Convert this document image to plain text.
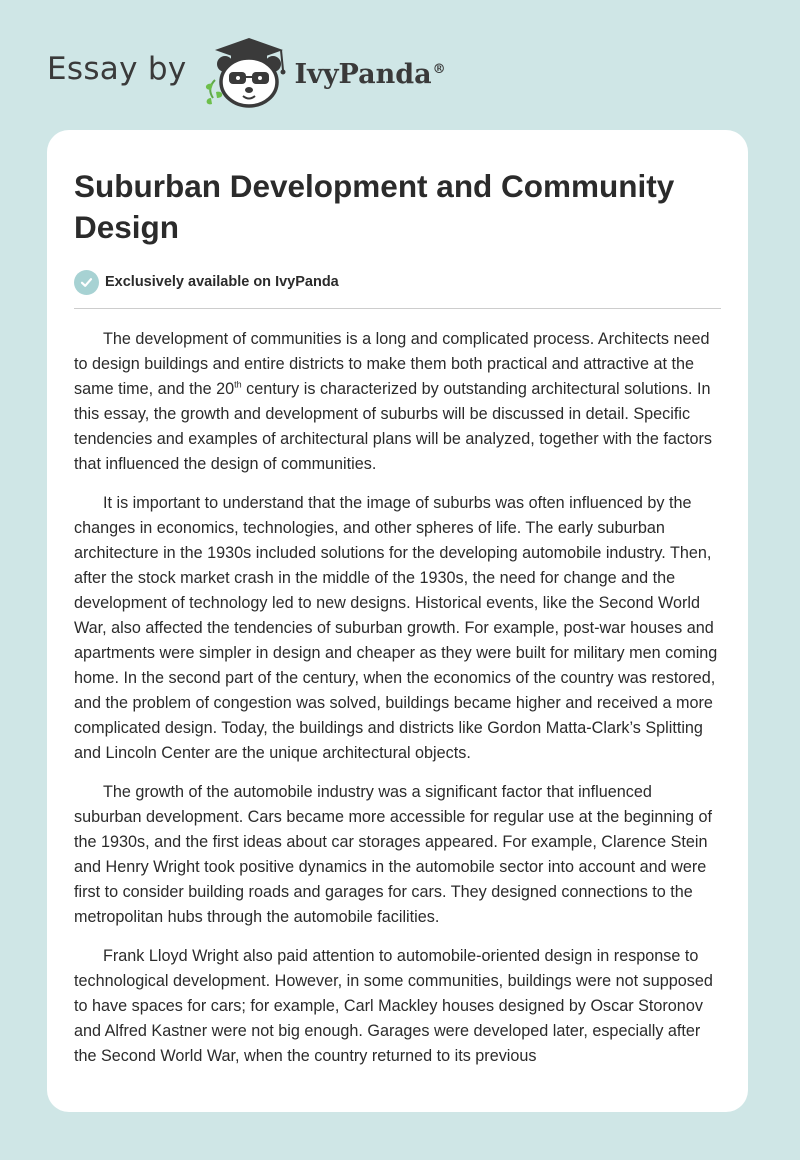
Essay by	IvyPanda®
Suburban Development and Community Design
Exclusively available on IvyPanda

The development of communities is a long and complicated process. Architects need to design buildings and entire districts to make them both practical and attractive at the same time, and the 20th century is characterized by outstanding architectural solutions. In this essay, the growth and development of suburbs will be discussed in detail. Specific tendencies and examples of architectural plans will be analyzed, together with the factors that influenced the design of communities.

It is important to understand that the image of suburbs was often influenced by the changes in economics, technologies, and other spheres of life. The early suburban architecture in the 1930s included solutions for the developing automobile industry. Then, after the stock market crash in the middle of the 1930s, the need for change and the development of technology led to new designs. Historical events, like the Second World War, also affected the tendencies of suburban growth. For example, post-war houses and apartments were simpler in design and cheaper as they were built for military men coming home. In the second part of the century, when the economics of the country was restored, and the problem of congestion was solved, buildings became higher and received a more complicated design. Today, the buildings and districts like Gordon Matta-Clark’s Splitting and Lincoln Center are the unique architectural objects.

The growth of the automobile industry was a significant factor that influenced suburban development. Cars became more accessible for regular use at the beginning of the 1930s, and the first ideas about car storages appeared. For example, Clarence Stein and Henry Wright took positive dynamics in the automobile sector into account and were first to consider building roads and garages for cars. They designed connections to the metropolitan hubs through the automobile facilities.

Frank Lloyd Wright also paid attention to automobile-oriented design in response to technological development. However, in some communities, buildings were not supposed to have spaces for cars; for example, Carl Mackley houses designed by Oscar Storonov and Alfred Kastner were not big enough. Garages were developed later, especially after the Second World War, when the country returned to its previous
